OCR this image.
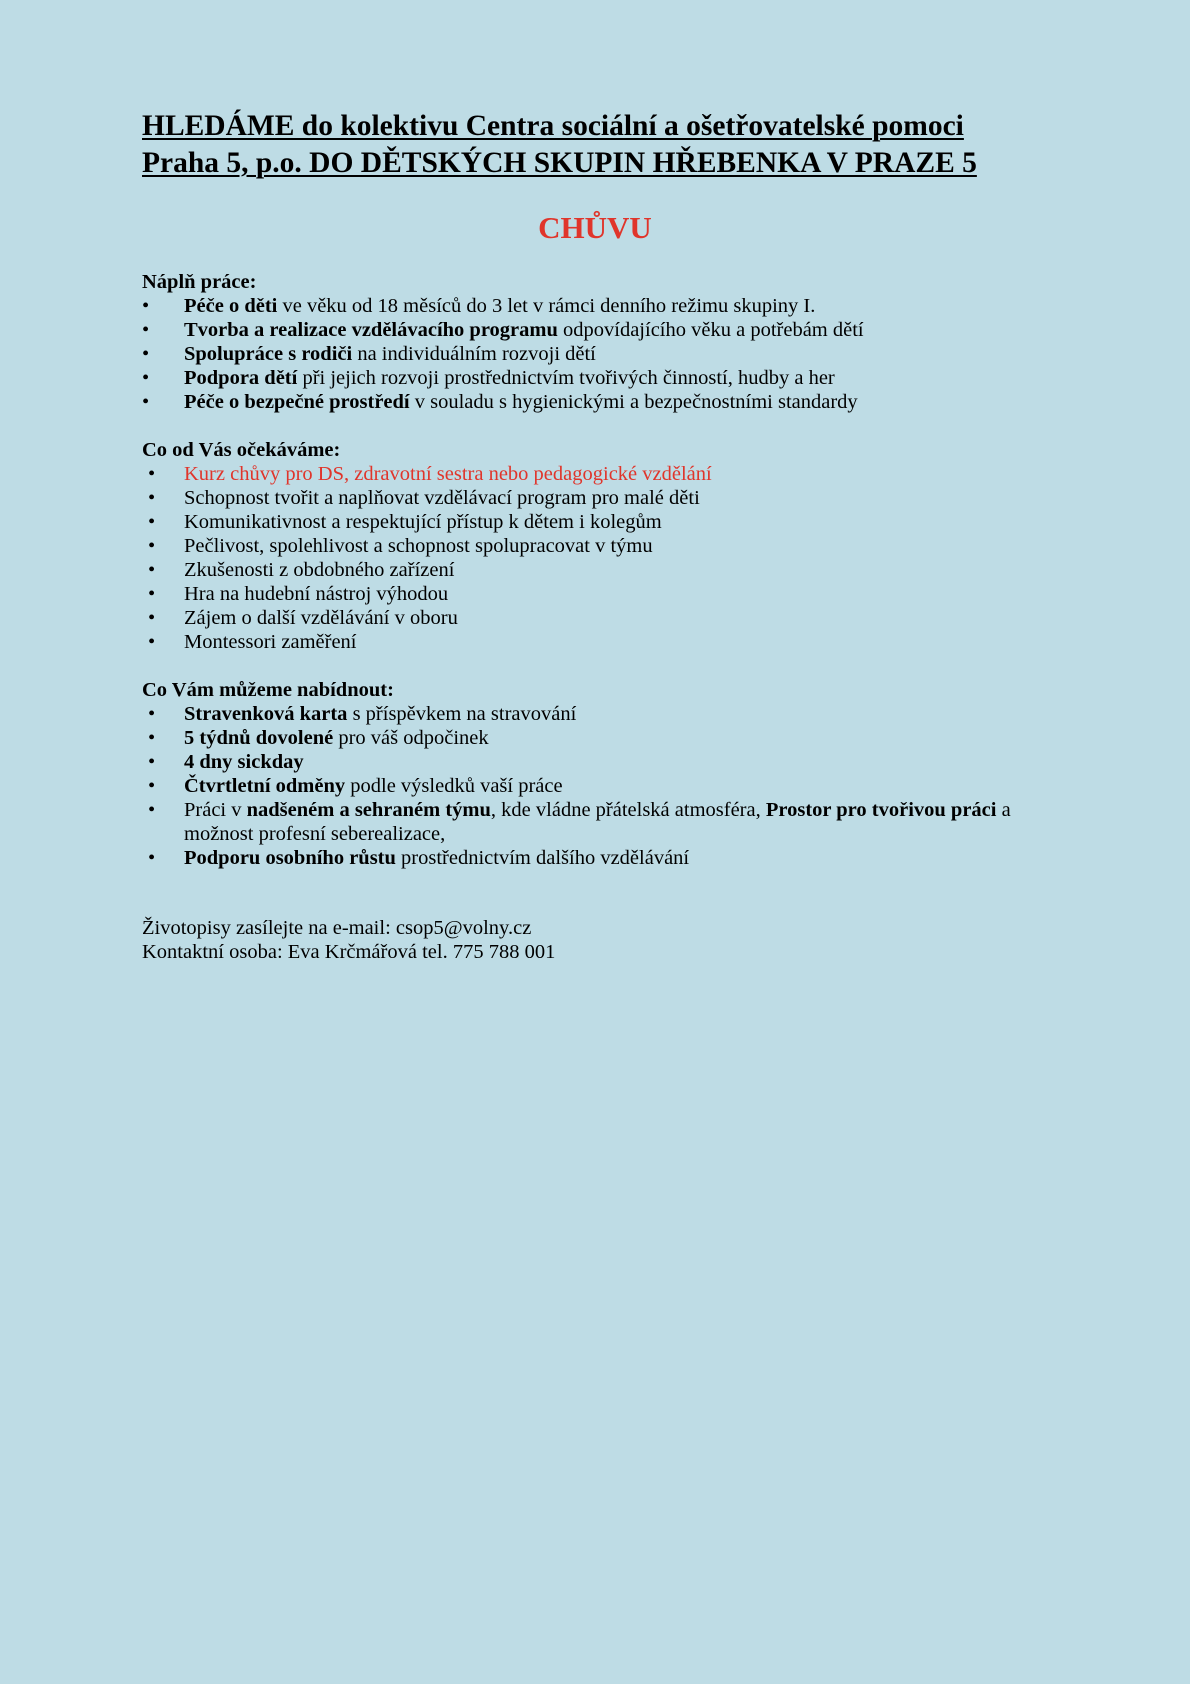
HLEDÁME do kolektivu Centra sociální a ošetřovatelské pomoci
Praha 5, p.o. DO DĚTSKÝCH SKUPIN HŘEBENKA V PRAZE 5
CHŮVU
Náplň práce:
•	Péče o děti ve věku od 18 měsíců do 3 let v rámci denního režimu skupiny I.
•	Tvorba a realizace vzdělávacího programu odpovídajícího věku a potřebám dětí
•	Spolupráce s rodiči na individuálním rozvoji dětí
•	Podpora dětí při jejich rozvoji prostřednictvím tvořivých činností, hudby a her
•	Péče o bezpečné prostředí v souladu s hygienickými a bezpečnostními standardy
Co od Vás očekáváme:
•	Kurz chůvy pro DS, zdravotní sestra nebo pedagogické vzdělání
•	Schopnost tvořit a naplňovat vzdělávací program pro malé děti
•	Komunikativnost a respektující přístup k dětem i kolegům
•	Pečlivost, spolehlivost a schopnost spolupracovat v týmu
•	Zkušenosti z obdobného zařízení
•	Hra na hudební nástroj výhodou
•	Zájem o další vzdělávání v oboru
•	Montessori zaměření
Co Vám můžeme nabídnout:
•	Stravenková karta s příspěvkem na stravování
•	5 týdnů dovolené pro váš odpočinek
•	4 dny sickday
•	Čtvrtletní odměny podle výsledků vaší práce
•	Práci v nadšeném a sehraném týmu, kde vládne přátelská atmosféra, Prostor pro tvořivou práci a možnost profesní seberealizace,
•	Podporu osobního růstu prostřednictvím dalšího vzdělávání
Životopisy zasílejte na e-mail: csop5@volny.cz
Kontaktní osoba: Eva Krčmářová tel. 775 788 001
